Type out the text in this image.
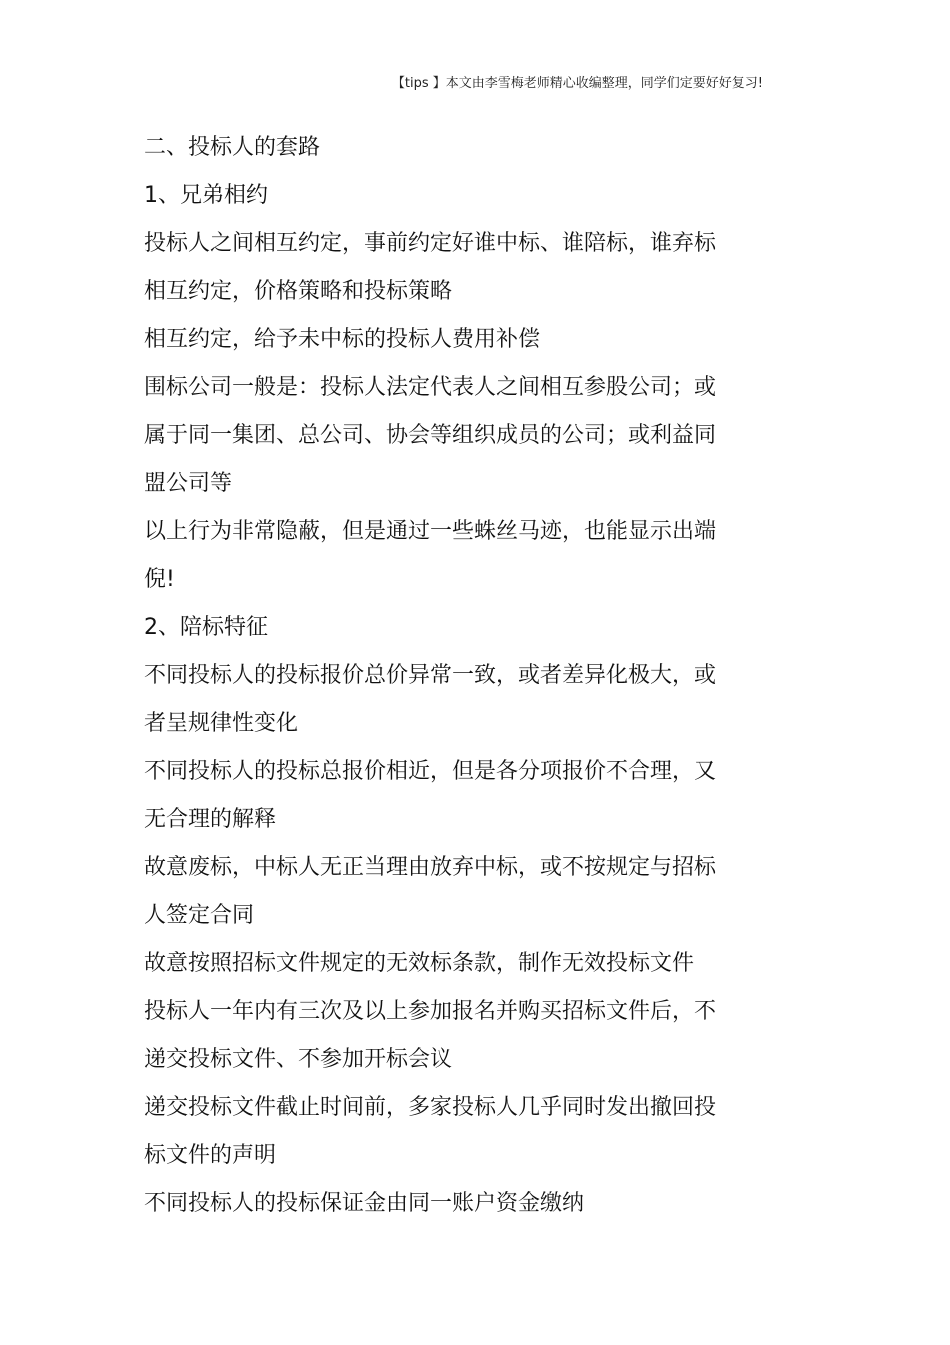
【tips 】本文由李雪梅老师精心收编整理，同学们定要好好复习!
二、投标人的套路
1、兄弟相约
投标人之间相互约定，事前约定好谁中标、谁陪标，谁弃标
相互约定，价格策略和投标策略
相互约定，给予未中标的投标人费用补偿
围标公司一般是：投标人法定代表人之间相互参股公司；或
属于同一集团、总公司、协会等组织成员的公司；或利益同
盟公司等
以上行为非常隐蔽，但是通过一些蛛丝马迹，也能显示出端
倪!
2、陪标特征
不同投标人的投标报价总价异常一致，或者差异化极大，或
者呈规律性变化
不同投标人的投标总报价相近，但是各分项报价不合理，又
无合理的解释
故意废标，中标人无正当理由放弃中标，或不按规定与招标
人签定合同
故意按照招标文件规定的无效标条款，制作无效投标文件
投标人一年内有三次及以上参加报名并购买招标文件后，不
递交投标文件、不参加开标会议
递交投标文件截止时间前，多家投标人几乎同时发出撤回投
标文件的声明
不同投标人的投标保证金由同一账户资金缴纳
